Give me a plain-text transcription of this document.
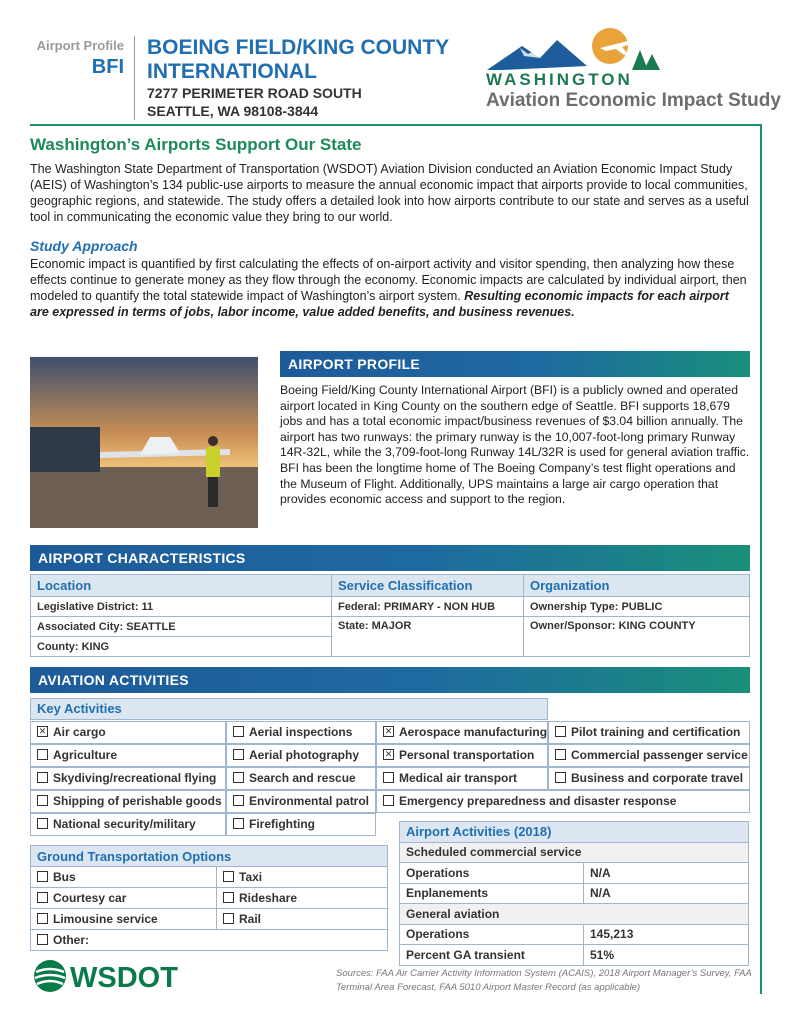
Airport Profile
BFI
BOEING FIELD/KING COUNTY INTERNATIONAL
7277 PERIMETER ROAD SOUTH
SEATTLE, WA 98108-3844
WASHINGTON
Aviation Economic Impact Study
Washington’s Airports Support Our State
The Washington State Department of Transportation (WSDOT) Aviation Division conducted an Aviation Economic Impact Study (AEIS) of Washington’s 134 public-use airports to measure the annual economic impact that airports provide to local communities, geographic regions, and statewide. The study offers a detailed look into how airports contribute to our state and serves as a useful tool in communicating the economic value they bring to our world.
Study Approach
Economic impact is quantified by first calculating the effects of on-airport activity and visitor spending, then analyzing how these effects continue to generate money as they flow through the economy. Economic impacts are calculated by individual airport, then modeled to quantify the total statewide impact of Washington’s airport system. Resulting economic impacts for each airport are expressed in terms of jobs, labor income, value added benefits, and business revenues.
AIRPORT PROFILE
Boeing Field/King County International Airport (BFI) is a publicly owned and operated airport located in King County on the southern edge of Seattle. BFI supports 18,679 jobs and has a total economic impact/business revenues of $3.04 billion annually. The airport has two runways: the primary runway is the 10,007-foot-long primary Runway 14R-32L, while the 3,709-foot-long Runway 14L/32R is used for general aviation traffic. BFI has been the longtime home of The Boeing Company’s test flight operations and the Museum of Flight. Additionally, UPS maintains a large air cargo operation that provides economic access and support to the region.
AIRPORT CHARACTERISTICS
Location	Service Classification	Organization
Legislative District: 11	Federal: PRIMARY - NON HUB	Ownership Type: PUBLIC
Associated City: SEATTLE	State: MAJOR	Owner/Sponsor: KING COUNTY
County: KING		
AVIATION ACTIVITIES
Key Activities
✕Air cargo	Aerial inspections ✕	Aerospace manufacturing	Pilot training and certification
Agriculture	Aerial photography ✕	Personal transportation	Commercial passenger service
Skydiving/recreational flying	Search and rescue	Medical air transport	Business and corporate travel
Shipping of perishable goods	Environmental patrol	Emergency preparedness and disaster response
National security/military	Firefighting
Ground Transportation Options	
Bus	Taxi
Courtesy car	Rideshare
Limousine service	Rail
Other:	
Airport Activities (2018)	
Scheduled commercial service	
Operations	N/A
Enplanements	N/A
General aviation	
Operations	145,213
Percent GA transient	51%
WSDOT	Sources: FAA Air Carrier Activity Information System (ACAIS), 2018 Airport Manager’s Survey, FAA Terminal Area Forecast, FAA 5010 Airport Master Record (as applicable)
